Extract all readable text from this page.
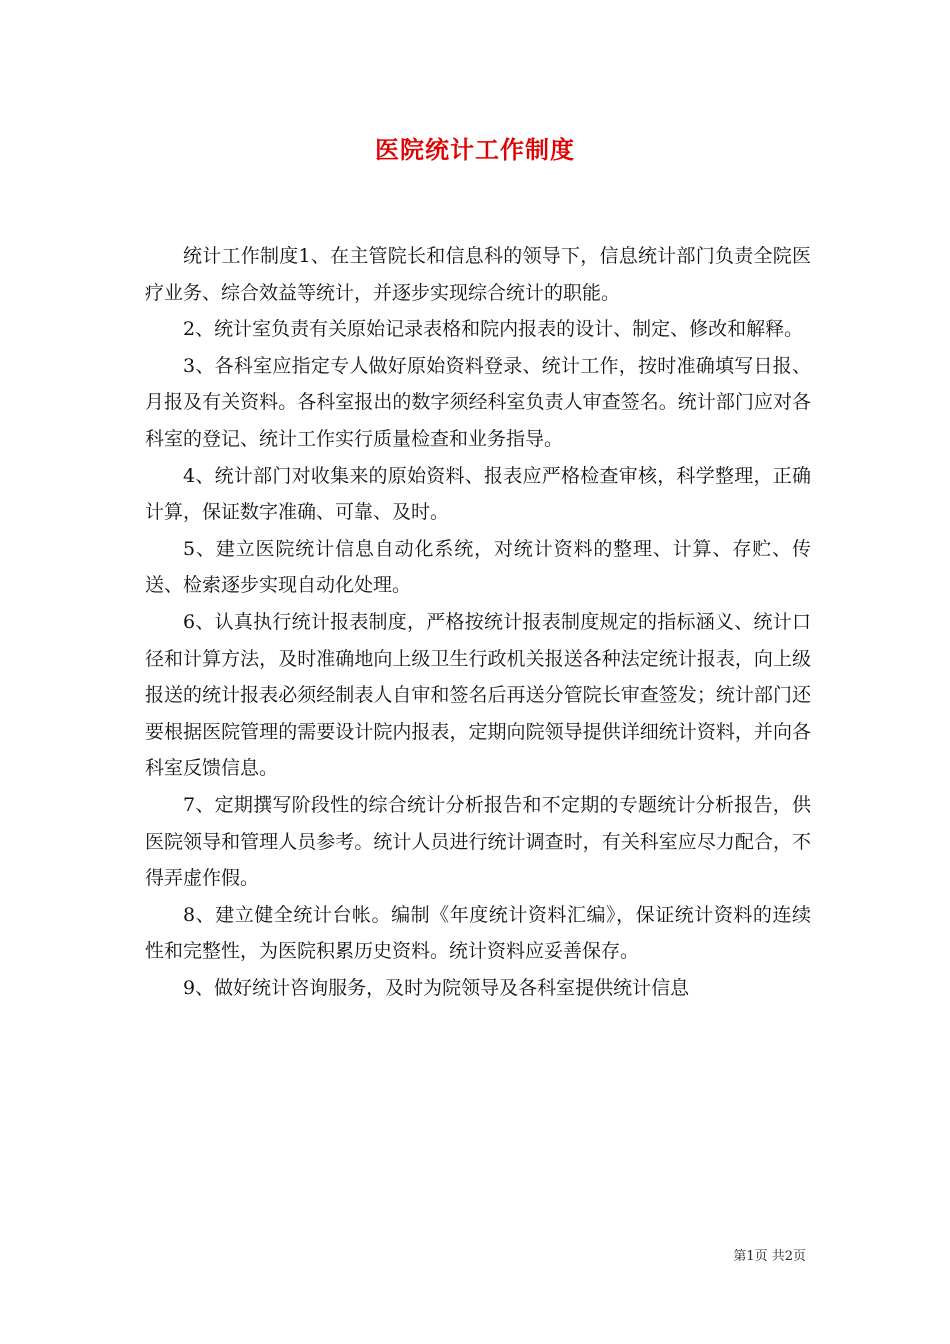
医院统计工作制度

统计工作制度1、在主管院长和信息科的领导下，信息统计部门负责全院医疗业务、综合效益等统计，并逐步实现综合统计的职能。

2、统计室负责有关原始记录表格和院内报表的设计、制定、修改和解释。

3、各科室应指定专人做好原始资料登录、统计工作，按时准确填写日报、月报及有关资料。各科室报出的数字须经科室负责人审查签名。统计部门应对各科室的登记、统计工作实行质量检查和业务指导。

4、统计部门对收集来的原始资料、报表应严格检查审核，科学整理，正确计算，保证数字准确、可靠、及时。

5、建立医院统计信息自动化系统，对统计资料的整理、计算、存贮、传送、检索逐步实现自动化处理。

6、认真执行统计报表制度，严格按统计报表制度规定的指标涵义、统计口径和计算方法，及时准确地向上级卫生行政机关报送各种法定统计报表，向上级报送的统计报表必须经制表人自审和签名后再送分管院长审查签发；统计部门还要根据医院管理的需要设计院内报表，定期向院领导提供详细统计资料，并向各科室反馈信息。

7、定期撰写阶段性的综合统计分析报告和不定期的专题统计分析报告，供医院领导和管理人员参考。统计人员进行统计调查时，有关科室应尽力配合，不得弄虚作假。

8、建立健全统计台帐。编制《年度统计资料汇编》，保证统计资料的连续性和完整性，为医院积累历史资料。统计资料应妥善保存。

9、做好统计咨询服务，及时为院领导及各科室提供统计信息

第1页 共2页
